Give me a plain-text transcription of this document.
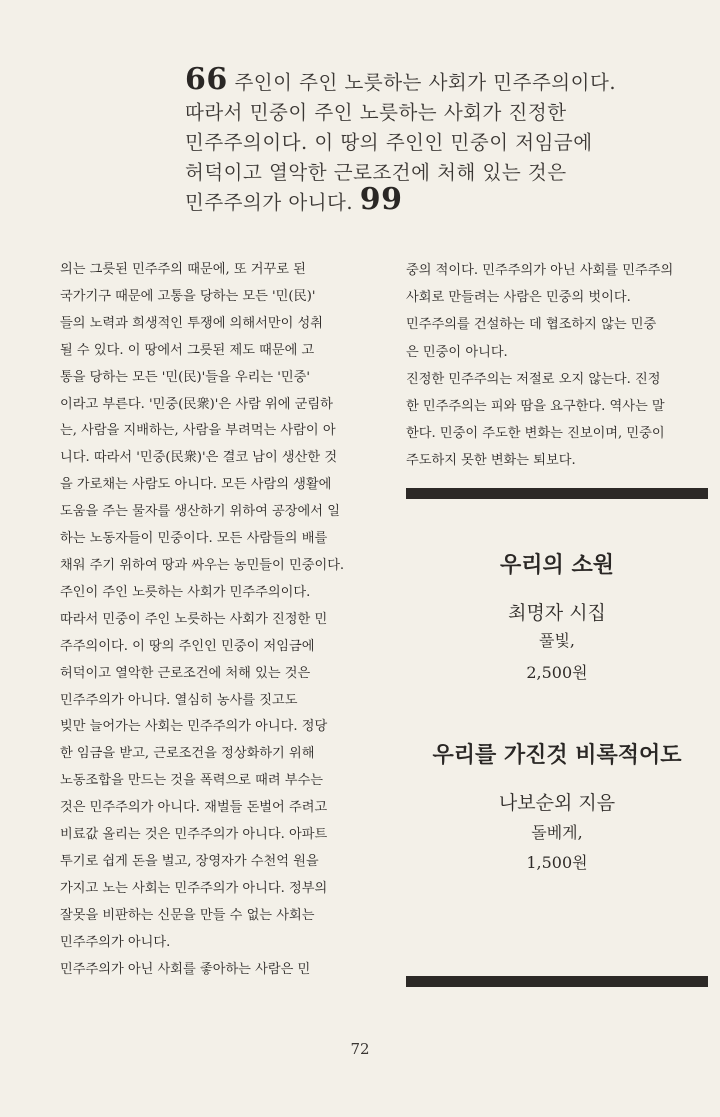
66 주인이 주인 노릇하는 사회가 민주주의이다.
따라서 민중이 주인 노릇하는 사회가 진정한
민주주의이다. 이 땅의 주인인 민중이 저임금에
허덕이고 열악한 근로조건에 처해 있는 것은
민주주의가 아니다. 99
의는 그릇된 민주주의 때문에, 또 거꾸로 된
국가기구 때문에 고통을 당하는 모든 '민(民)'
들의 노력과 희생적인 투쟁에 의해서만이 성취
될 수 있다. 이 땅에서 그릇된 제도 때문에 고
통을 당하는 모든 '민(民)'들을 우리는 '민중'
이라고 부른다. '민중(民衆)'은 사람 위에 군림하
는, 사람을 지배하는, 사람을 부려먹는 사람이 아
니다. 따라서 '민중(民衆)'은 결코 남이 생산한 것
을 가로채는 사람도 아니다. 모든 사람의 생활에
도움을 주는 물자를 생산하기 위하여 공장에서 일
하는 노동자들이 민중이다. 모든 사람들의 배를
채워 주기 위하여 땅과 싸우는 농민들이 민중이다.
주인이 주인 노릇하는 사회가 민주주의이다.
따라서 민중이 주인 노릇하는 사회가 진정한 민
주주의이다. 이 땅의 주인인 민중이 저임금에
허덕이고 열악한 근로조건에 처해 있는 것은
민주주의가 아니다. 열심히 농사를 짓고도
빚만 늘어가는 사회는 민주주의가 아니다. 정당
한 임금을 받고, 근로조건을 정상화하기 위해
노동조합을 만드는 것을 폭력으로 때려 부수는
것은 민주주의가 아니다. 재벌들 돈벌어 주려고
비료값 올리는 것은 민주주의가 아니다. 아파트
투기로 쉽게 돈을 벌고, 장영자가 수천억 원을
가지고 노는 사회는 민주주의가 아니다. 정부의
잘못을 비판하는 신문을 만들 수 없는 사회는
민주주의가 아니다.
민주주의가 아닌 사회를 좋아하는 사람은 민
중의 적이다. 민주주의가 아닌 사회를 민주주의
사회로 만들려는 사람은 민중의 벗이다.
민주주의를 건설하는 데 협조하지 않는 민중
은 민중이 아니다.
진정한 민주주의는 저절로 오지 않는다. 진정
한 민주주의는 피와 땀을 요구한다. 역사는 말
한다. 민중이 주도한 변화는 진보이며, 민중이
주도하지 못한 변화는 퇴보다.
우리의 소원
최명자 시집
풀빛,
2,500원
우리를 가진것 비록적어도
나보순외 지음
돌베게,
1,500원
72
